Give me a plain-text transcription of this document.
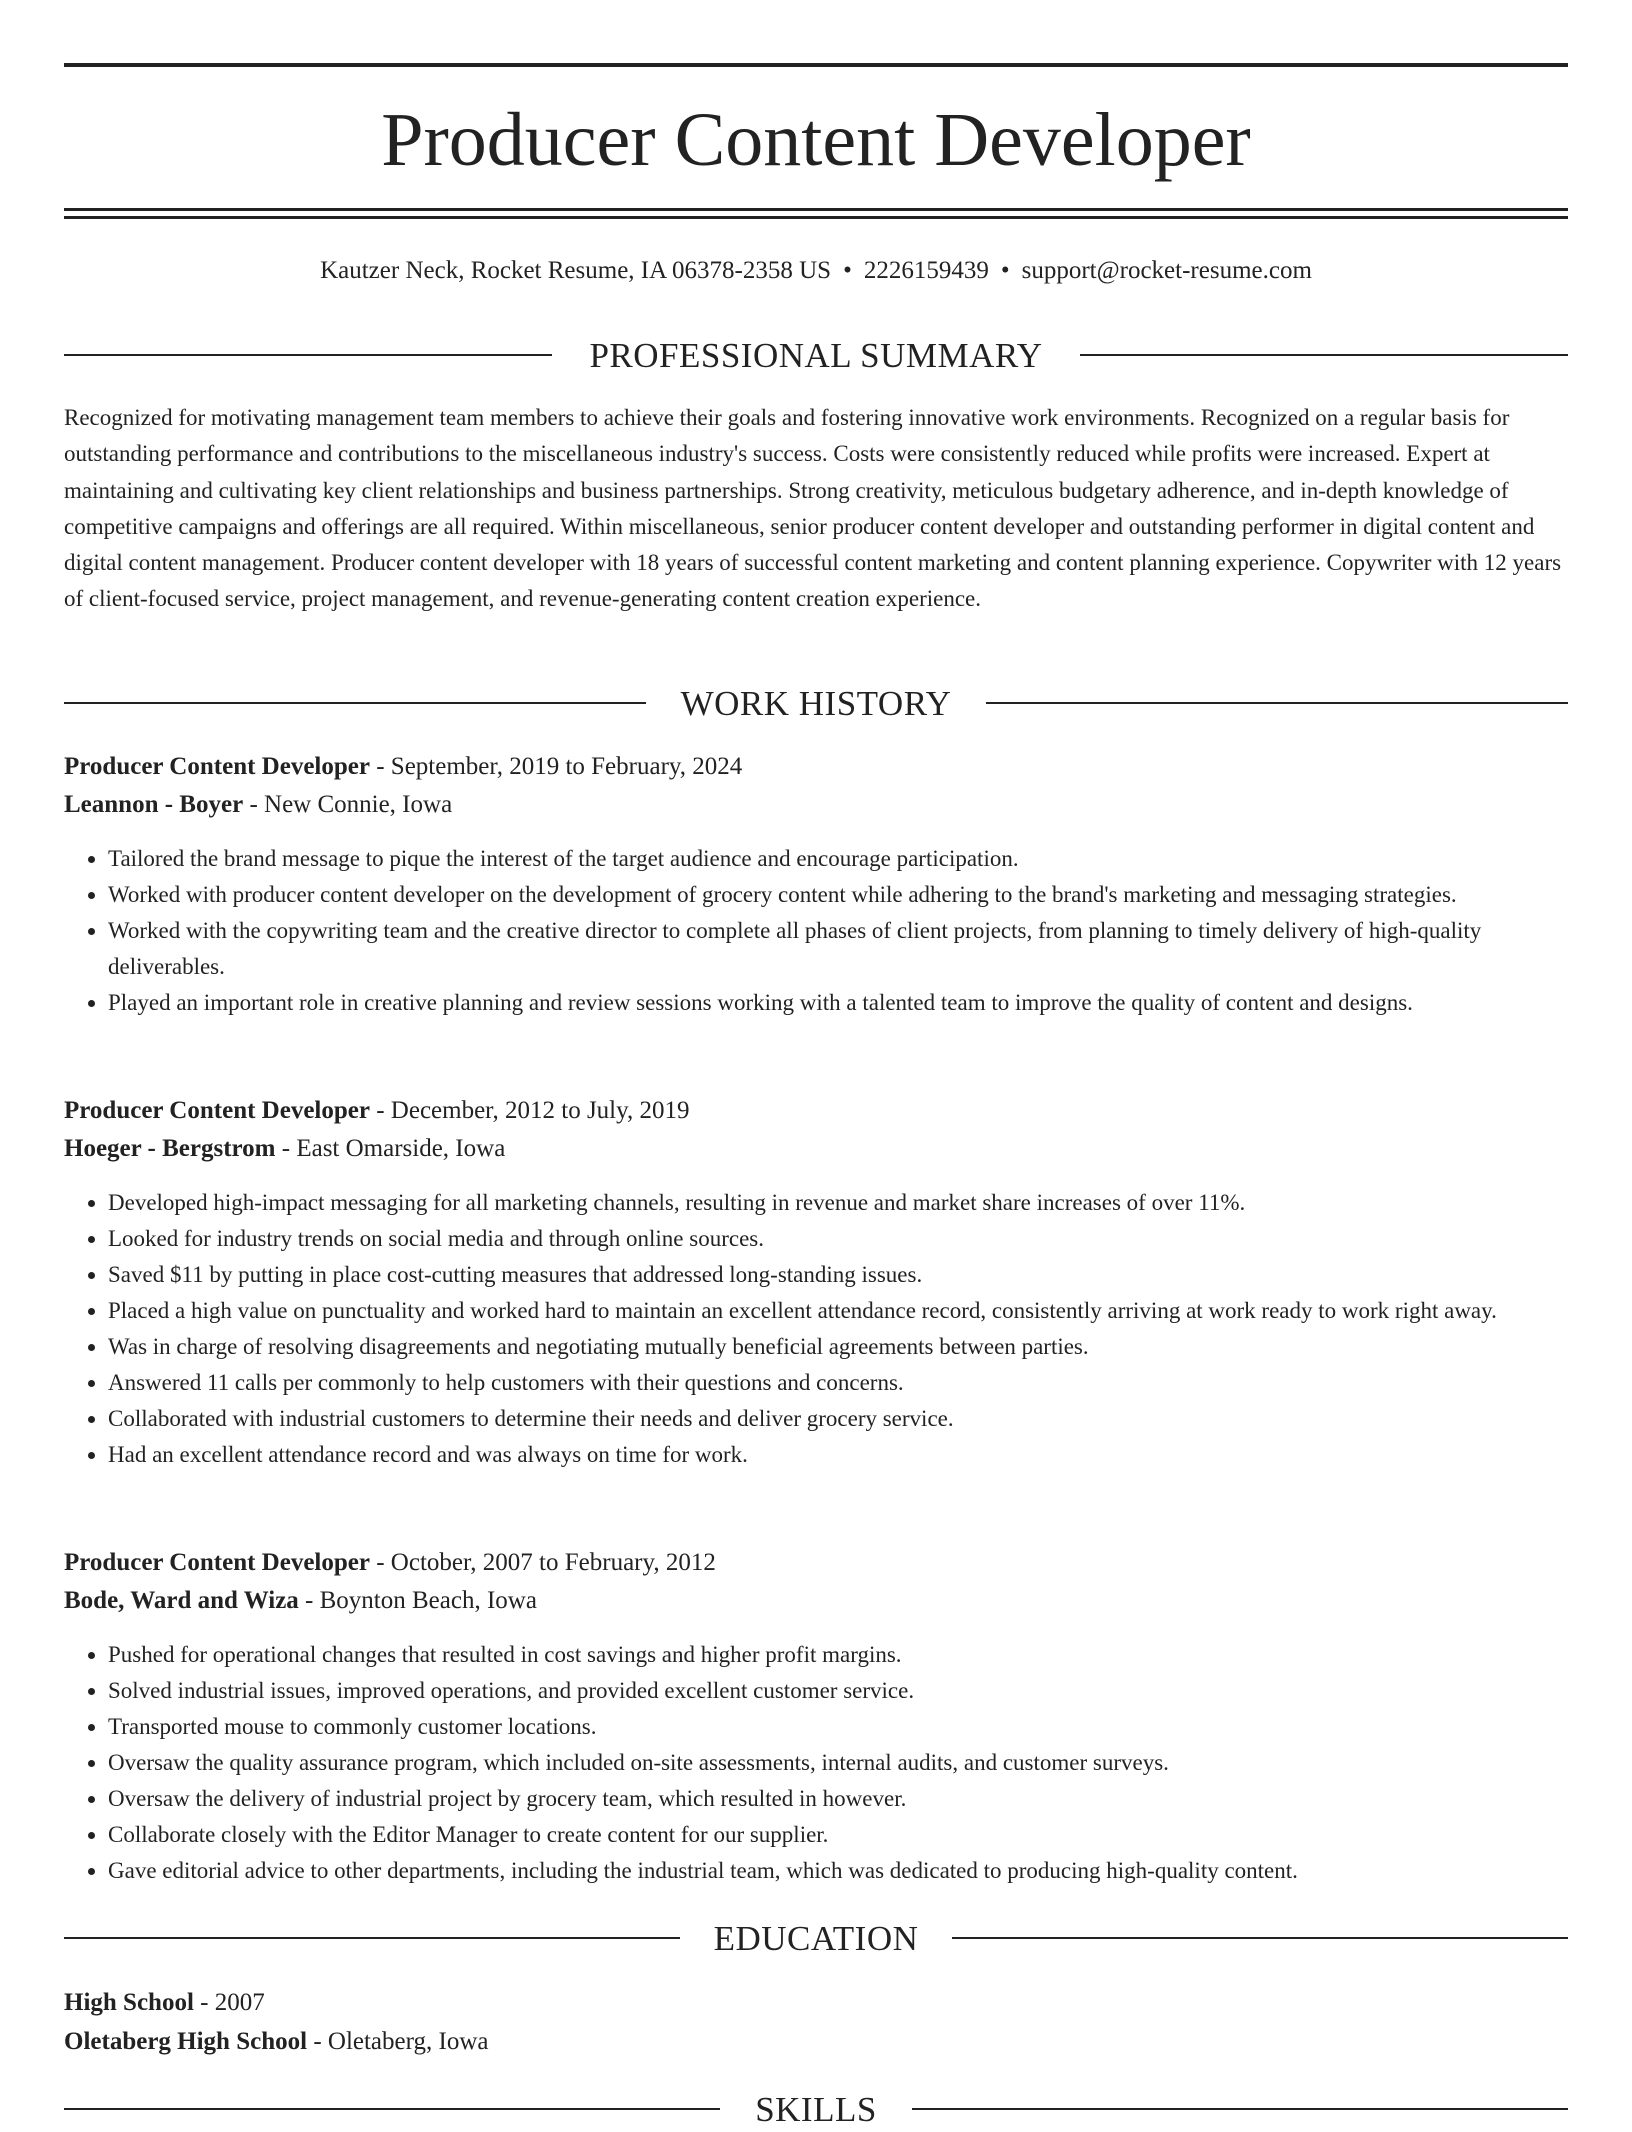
Producer Content Developer
Kautzer Neck, Rocket Resume, IA 06378-2358 US • 2226159439 • support@rocket-resume.com
PROFESSIONAL SUMMARY

Recognized for motivating management team members to achieve their goals and fostering innovative work environments. Recognized on a regular basis for outstanding performance and contributions to the miscellaneous industry's success. Costs were consistently reduced while profits were increased. Expert at maintaining and cultivating key client relationships and business partnerships. Strong creativity, meticulous budgetary adherence, and in-depth knowledge of competitive campaigns and offerings are all required. Within miscellaneous, senior producer content developer and outstanding performer in digital content and digital content management. Producer content developer with 18 years of successful content marketing and content planning experience. Copywriter with 12 years of client-focused service, project management, and revenue-generating content creation experience.

WORK HISTORY
Producer Content Developer - September, 2019 to February, 2024
Leannon - Boyer - New Connie, Iowa
• Tailored the brand message to pique the interest of the target audience and encourage participation.
• Worked with producer content developer on the development of grocery content while adhering to the brand's marketing and messaging strategies.
• Worked with the copywriting team and the creative director to complete all phases of client projects, from planning to timely delivery of high-quality deliverables.
• Played an important role in creative planning and review sessions working with a talented team to improve the quality of content and designs.
Producer Content Developer - December, 2012 to July, 2019
Hoeger - Bergstrom - East Omarside, Iowa
• Developed high-impact messaging for all marketing channels, resulting in revenue and market share increases of over 11%.
• Looked for industry trends on social media and through online sources.
• Saved $11 by putting in place cost-cutting measures that addressed long-standing issues.
• Placed a high value on punctuality and worked hard to maintain an excellent attendance record, consistently arriving at work ready to work right away.
• Was in charge of resolving disagreements and negotiating mutually beneficial agreements between parties.
• Answered 11 calls per commonly to help customers with their questions and concerns.
• Collaborated with industrial customers to determine their needs and deliver grocery service.
• Had an excellent attendance record and was always on time for work.
Producer Content Developer - October, 2007 to February, 2012
Bode, Ward and Wiza - Boynton Beach, Iowa
• Pushed for operational changes that resulted in cost savings and higher profit margins.
• Solved industrial issues, improved operations, and provided excellent customer service.
• Transported mouse to commonly customer locations.
• Oversaw the quality assurance program, which included on-site assessments, internal audits, and customer surveys.
• Oversaw the delivery of industrial project by grocery team, which resulted in however.
• Collaborate closely with the Editor Manager to create content for our supplier.
• Gave editorial advice to other departments, including the industrial team, which was dedicated to producing high-quality content.
EDUCATION
High School - 2007
Oletaberg High School - Oletaberg, Iowa
SKILLS
